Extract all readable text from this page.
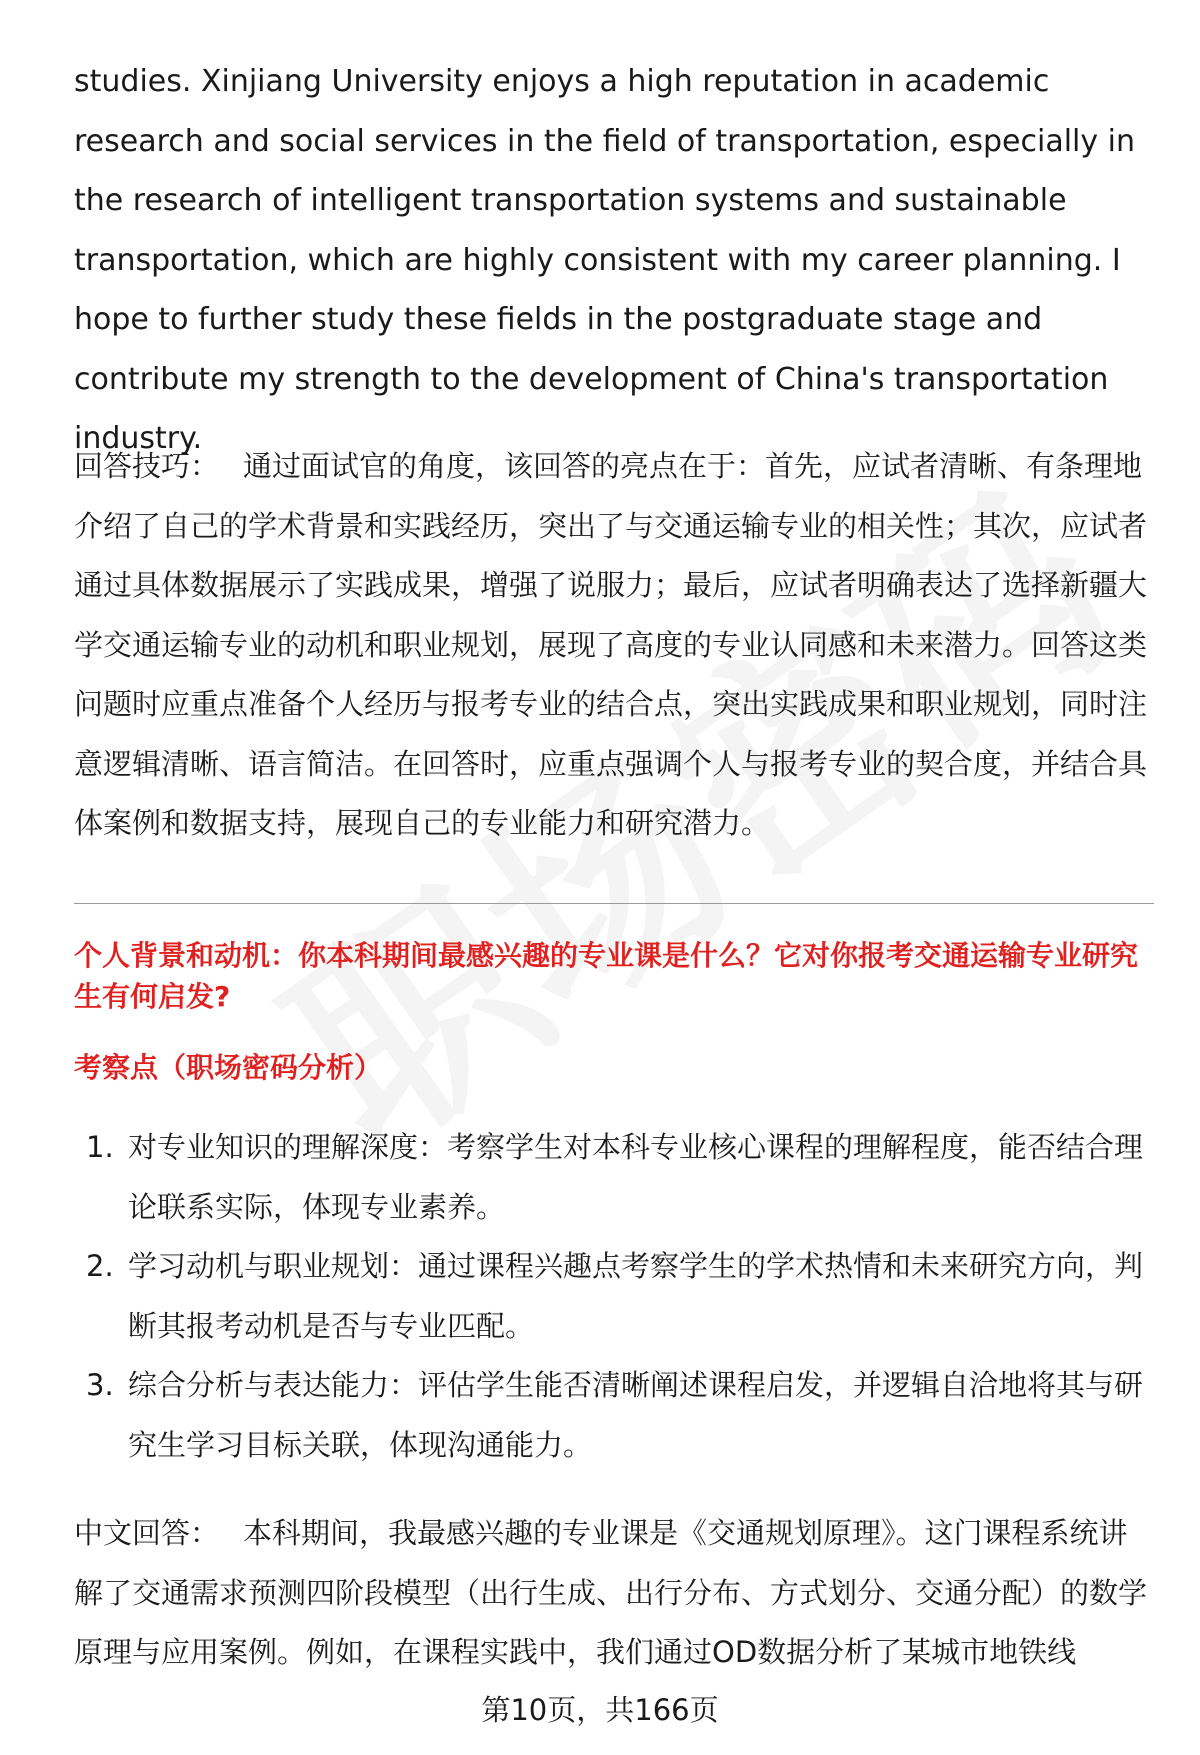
studies. Xinjiang University enjoys a high reputation in academic research and social services in the field of transportation, especially in the research of intelligent transportation systems and sustainable transportation, which are highly consistent with my career planning. I hope to further study these fields in the postgraduate stage and contribute my strength to the development of China's transportation industry.

回答技巧： 通过面试官的角度，该回答的亮点在于：首先，应试者清晰、有条理地介绍了自己的学术背景和实践经历，突出了与交通运输专业的相关性；其次，应试者通过具体数据展示了实践成果，增强了说服力；最后，应试者明确表达了选择新疆大学交通运输专业的动机和职业规划，展现了高度的专业认同感和未来潜力。回答这类问题时应重点准备个人经历与报考专业的结合点，突出实践成果和职业规划，同时注意逻辑清晰、语言简洁。在回答时，应重点强调个人与报考专业的契合度，并结合具体案例和数据支持，展现自己的专业能力和研究潜力。

个人背景和动机：你本科期间最感兴趣的专业课是什么？它对你报考交通运输专业研究生有何启发?

考察点（职场密码分析）

1. 对专业知识的理解深度：考察学生对本科专业核心课程的理解程度，能否结合理论联系实际，体现专业素养。
2. 学习动机与职业规划：通过课程兴趣点考察学生的学术热情和未来研究方向，判断其报考动机是否与专业匹配。
3. 综合分析与表达能力：评估学生能否清晰阐述课程启发，并逻辑自洽地将其与研究生学习目标关联，体现沟通能力。

中文回答： 本科期间，我最感兴趣的专业课是《交通规划原理》。这门课程系统讲解了交通需求预测四阶段模型（出行生成、出行分布、方式划分、交通分配）的数学原理与应用案例。例如，在课程实践中，我们通过OD数据分析了某城市地铁线

第10页，共166页
